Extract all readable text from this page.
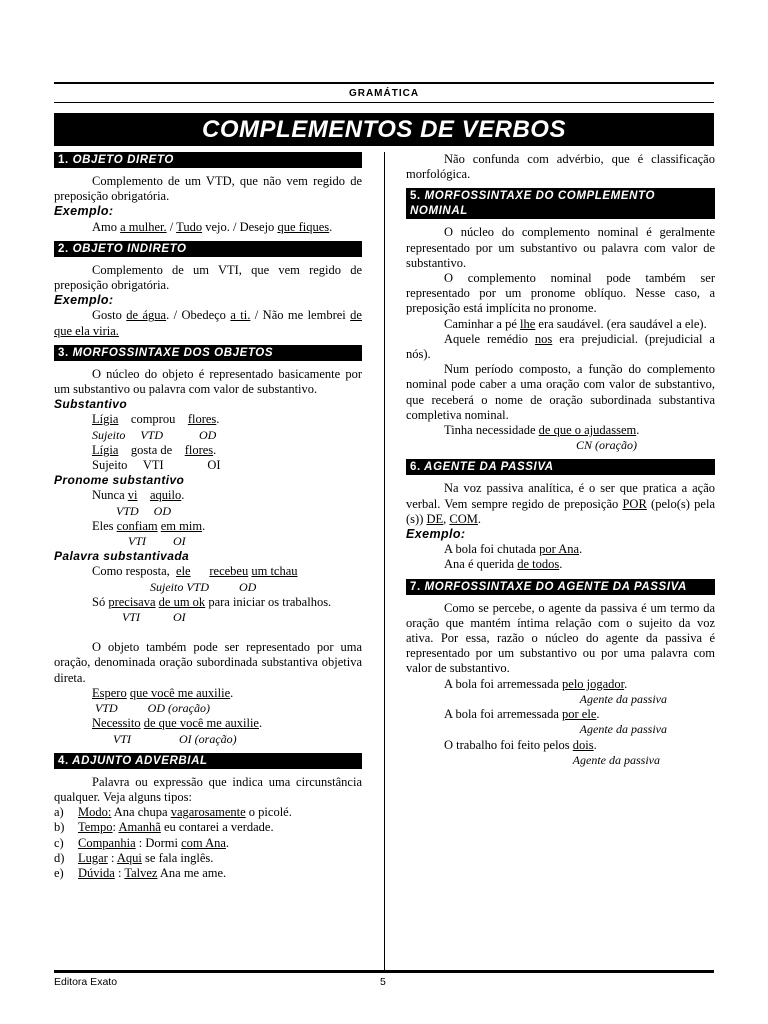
GRAMÁTICA
COMPLEMENTOS DE VERBOS
1. OBJETO DIRETO

Complemento de um VTD, que não vem regido de preposição obrigatória.

Exemplo:

Amo a mulher. / Tudo vejo. / Desejo que fiques.

2. OBJETO INDIRETO

Complemento de um VTI, que vem regido de preposição obrigatória.

Exemplo:

Gosto de água. / Obedeço a ti. / Não me lembrei de que ela viria.

3. MORFOSSINTAXE DOS OBJETOS

O núcleo do objeto é representado basicamente por um substantivo ou palavra com valor de substantivo.

Substantivo

Lígia    comprou    flores.

Sujeito     VTD            OD

Lígia    gosta de    flores.

Sujeito     VTI              OI

Pronome substantivo

Nunca vi aquilo.

VTD     OD

Eles confiam em mim.

VTI         OI

Palavra substantivada

Como resposta,  ele recebeu um tchau

Sujeito VTD          OD

Só precisava de um ok para iniciar os trabalhos.

VTI           OI

O objeto também pode ser representado por uma oração, denominada oração subordinada substantiva objetiva direta.

Espero que você me auxilie.

VTD          OD (oração)

Necessito de que você me auxilie.

VTI                OI (oração)

4. ADJUNTO ADVERBIAL

Palavra ou expressão que indica uma circunstância qualquer. Veja alguns tipos:

a) Modo: Ana chupa vagarosamente o picolé.

b) Tempo: Amanhã eu contarei a verdade.

c) Companhia : Dormi com Ana.

d) Lugar : Aqui se fala inglês.

e) Dúvida : Talvez Ana me ame.

Não confunda com advérbio, que é classificação morfológica.

5. MORFOSSINTAXE DO COMPLEMENTO NOMINAL

O núcleo do complemento nominal é geralmente representado por um substantivo ou palavra com valor de substantivo.

O complemento nominal pode também ser representado por um pronome oblíquo. Nesse caso, a preposição está implícita no pronome.

Caminhar a pé lhe era saudável. (era saudável a ele).

Aquele remédio nos era prejudicial. (prejudicial a nós).

Num período composto, a função do complemento nominal pode caber a uma oração com valor de substantivo, que receberá o nome de oração subordinada substantiva completiva nominal.

Tinha necessidade de que o ajudassem.

CN (oração)

6. AGENTE DA PASSIVA

Na voz passiva analítica, é o ser que pratica a ação verbal. Vem sempre regido de preposição POR (pelo(s) pela (s)) DE, COM.

Exemplo:

A bola foi chutada por Ana.

Ana é querida de todos.

7. MORFOSSINTAXE DO AGENTE DA PASSIVA

Como se percebe, o agente da passiva é um termo da oração que mantém íntima relação com o sujeito da voz ativa. Por essa, razão o núcleo do agente da passiva é representado por um substantivo ou por uma palavra com valor de substantivo.

A bola foi arremessada pelo jogador.

Agente da passiva

A bola foi arremessada por ele.

Agente da passiva

O trabalho foi feito pelos dois.

Agente da passiva

Editora Exato	5
